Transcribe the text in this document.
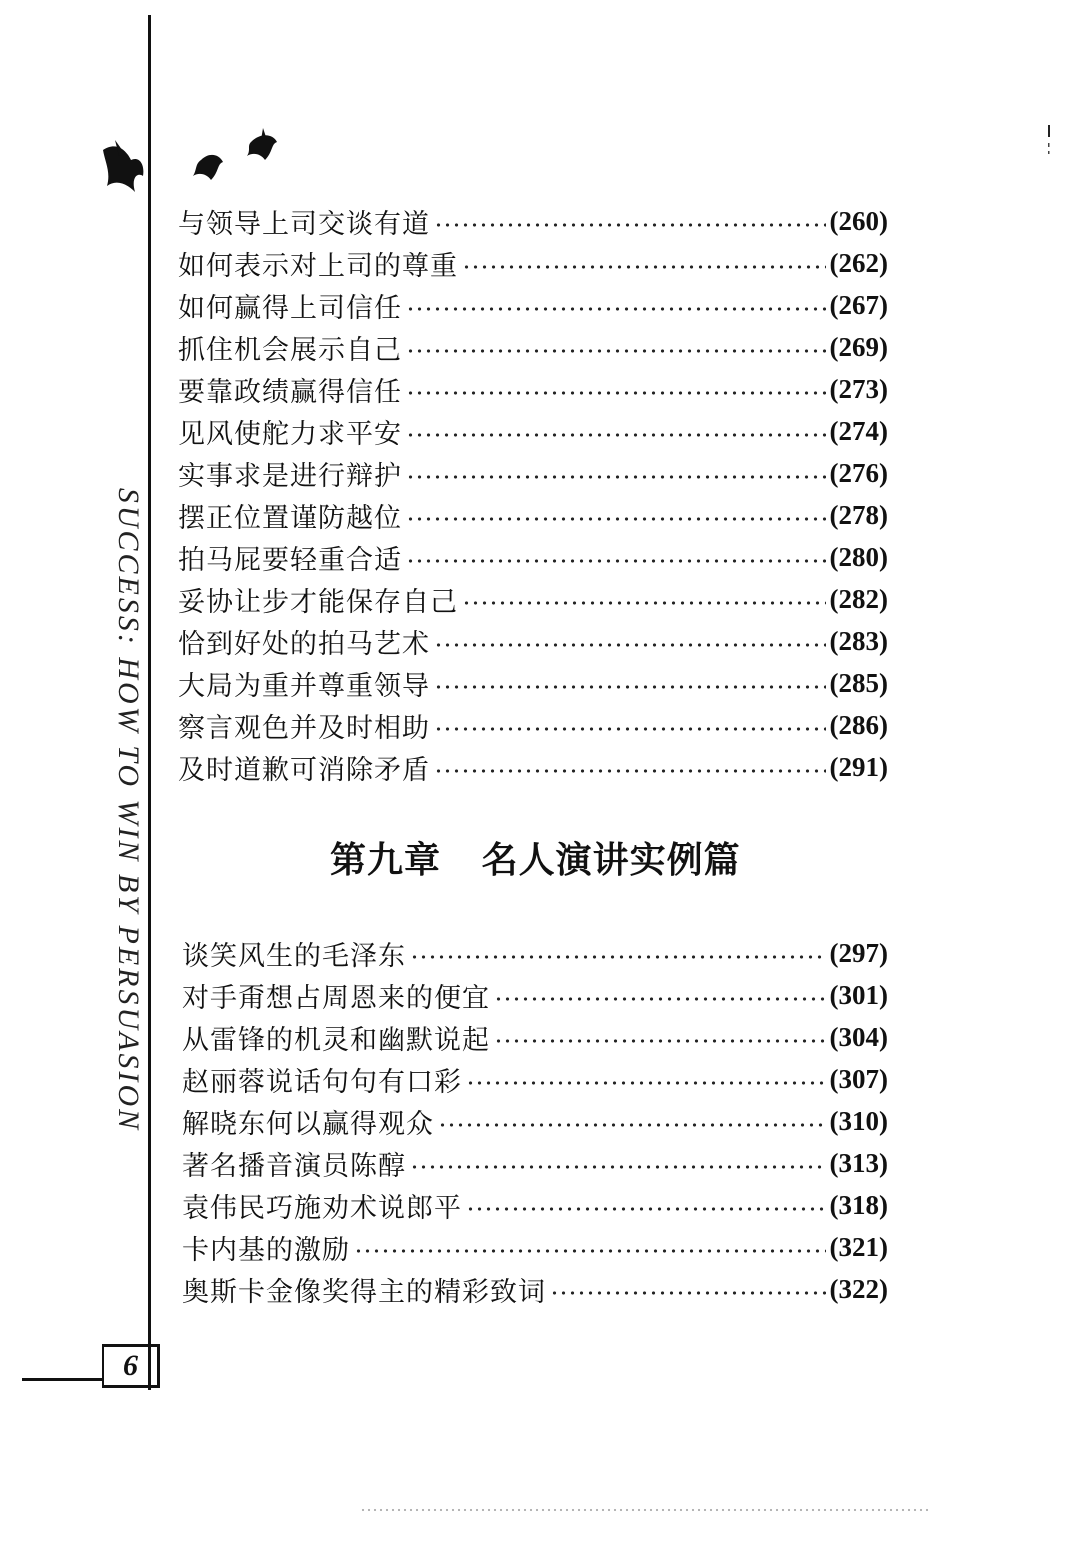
6
SUCCESS: HOW TO WIN BY PERSUASION
与领导上司交谈有道	(260)
如何表示对上司的尊重	(262)
如何赢得上司信任	(267)
抓住机会展示自己	(269)
要靠政绩赢得信任	(273)
见风使舵力求平安	(274)
实事求是进行辩护	(276)
摆正位置谨防越位	(278)
拍马屁要轻重合适	(280)
妥协让步才能保存自己	(282)
恰到好处的拍马艺术	(283)
大局为重并尊重领导	(285)
察言观色并及时相助	(286)
及时道歉可消除矛盾	(291)
第九章   名人演讲实例篇
谈笑风生的毛泽东	(297)
对手甭想占周恩来的便宜	(301)
从雷锋的机灵和幽默说起	(304)
赵丽蓉说话句句有口彩	(307)
解晓东何以赢得观众	(310)
著名播音演员陈醇	(313)
袁伟民巧施劝术说郎平	(318)
卡内基的激励	(321)
奥斯卡金像奖得主的精彩致词	(322)
